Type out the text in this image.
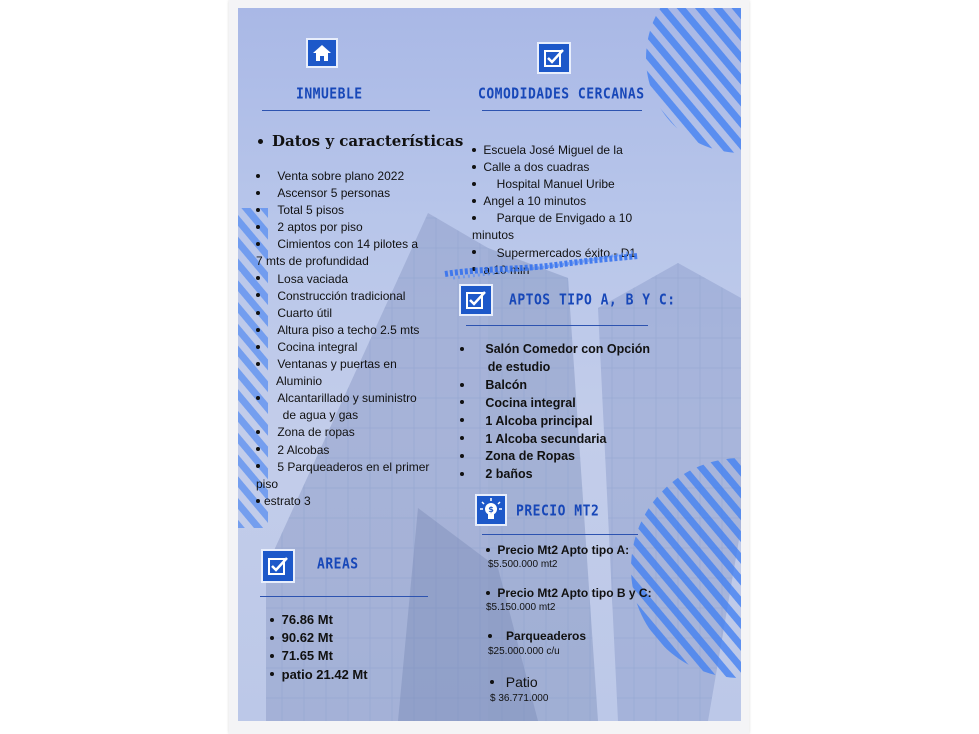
INMUEBLE
Datos y características
Venta sobre plano 2022
Ascensor 5 personas
Total 5 pisos
2 aptos por piso
Cimientos con 14 pilotes a
7 mts de profundidad
Losa vaciada
Construcción tradicional
Cuarto útil
Altura piso a techo 2.5 mts
Cocina integral
Ventanas y puertas en
Aluminio
Alcantarillado y suministro
de agua y gas
Zona de ropas
2 Alcobas
5 Parqueaderos en el primer
piso
estrato 3
COMODIDADES CERCANAS
Escuela José Miguel de la
Calle a dos cuadras
Hospital Manuel Uribe
Angel a 10 minutos
Parque de Envigado a 10
minutos
Supermercados éxito - D1
a 10 min
APTOS TIPO A, B Y C:
Salón Comedor con Opción
de estudio
Balcón
Cocina integral
1 Alcoba principal
1 Alcoba secundaria
Zona de Ropas
2 baños
$ PRECIO MT2
Precio Mt2 Apto tipo A:
$5.500.000 mt2
Precio Mt2 Apto tipo B y C:
$5.150.000 mt2
Parqueaderos
$25.000.000 c/u
Patio
$ 36.771.000
AREAS
76.86 Mt
90.62 Mt
71.65 Mt
patio 21.42 Mt
